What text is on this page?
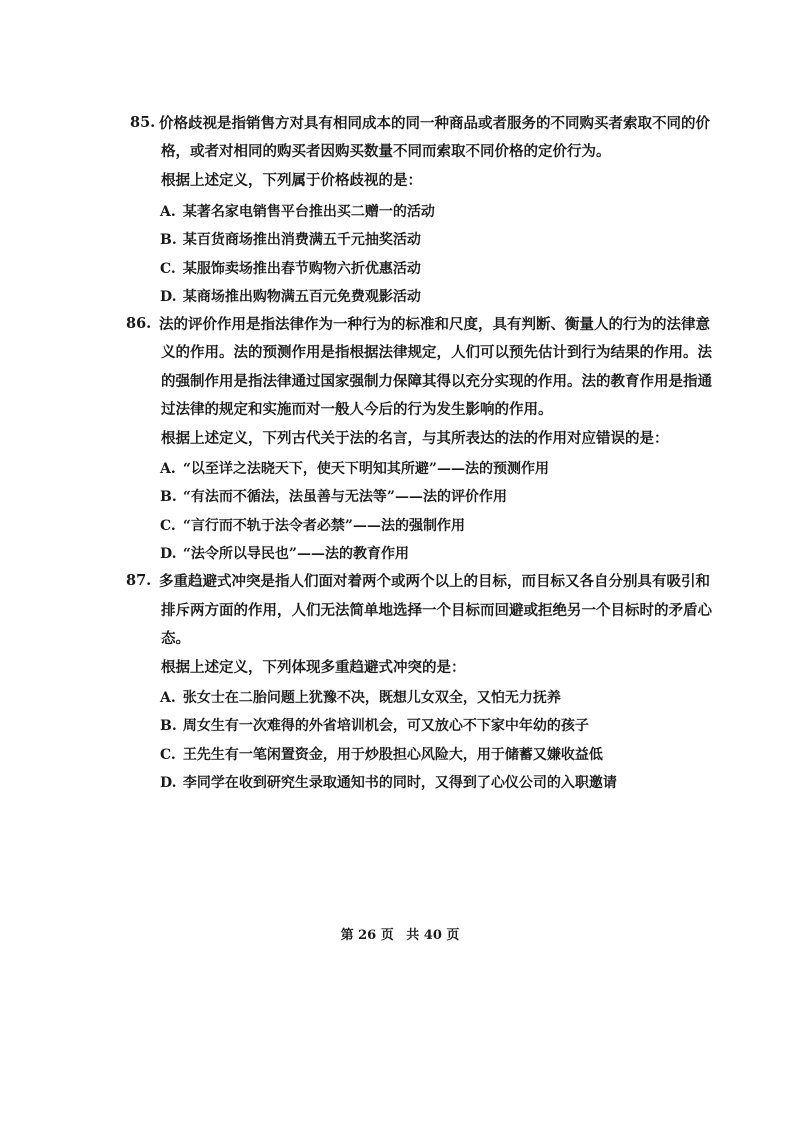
85. 价格歧视是指销售方对具有相同成本的同一种商品或者服务的不同购买者索取不同的价
格，或者对相同的购买者因购买数量不同而索取不同价格的定价行为。
根据上述定义，下列属于价格歧视的是：
A. 某著名家电销售平台推出买二赠一的活动
B. 某百货商场推出消费满五千元抽奖活动
C. 某服饰卖场推出春节购物六折优惠活动
D. 某商场推出购物满五百元免费观影活动
86. 法的评价作用是指法律作为一种行为的标准和尺度，具有判断、衡量人的行为的法律意
义的作用。法的预测作用是指根据法律规定，人们可以预先估计到行为结果的作用。法
的强制作用是指法律通过国家强制力保障其得以充分实现的作用。法的教育作用是指通
过法律的规定和实施而对一般人今后的行为发生影响的作用。
根据上述定义，下列古代关于法的名言，与其所表达的法的作用对应错误的是：
A. “以至详之法晓天下，使天下明知其所避”——法的预测作用
B. “有法而不循法，法虽善与无法等”——法的评价作用
C. “言行而不轨于法令者必禁”——法的强制作用
D. “法令所以导民也”——法的教育作用
87. 多重趋避式冲突是指人们面对着两个或两个以上的目标，而目标又各自分别具有吸引和
排斥两方面的作用，人们无法简单地选择一个目标而回避或拒绝另一个目标时的矛盾心
态。
根据上述定义，下列体现多重趋避式冲突的是：
A. 张女士在二胎问题上犹豫不决，既想儿女双全，又怕无力抚养
B. 周女生有一次难得的外省培训机会，可又放心不下家中年幼的孩子
C. 王先生有一笔闲置资金，用于炒股担心风险大，用于储蓄又嫌收益低
D. 李同学在收到研究生录取通知书的同时，又得到了心仪公司的入职邀请
第 26 页 共 40 页
